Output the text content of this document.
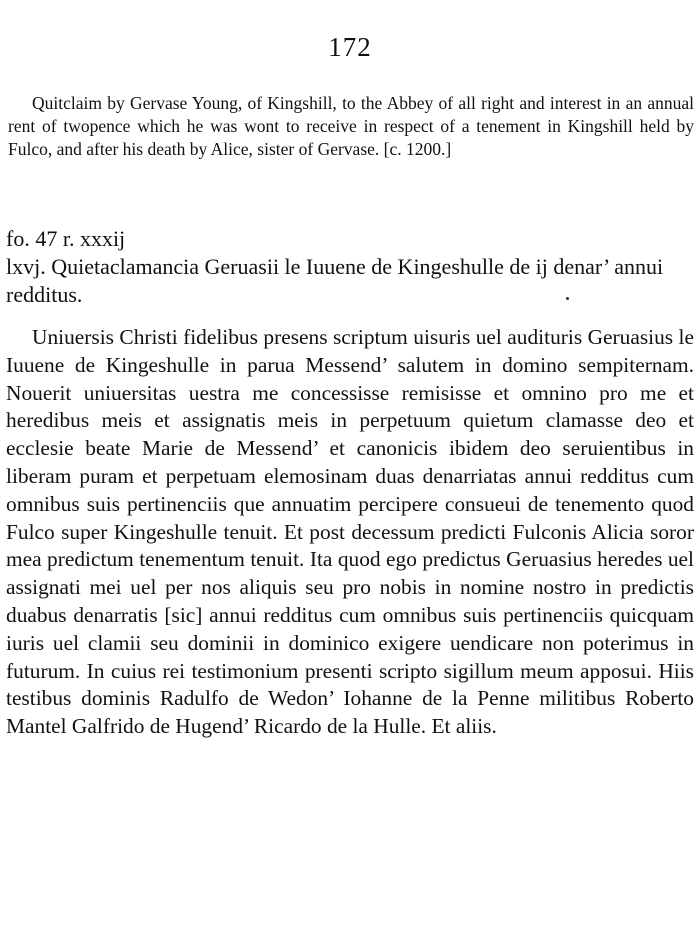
172
Quitclaim by Gervase Young, of Kingshill, to the Abbey of all right and interest in an annual rent of twopence which he was wont to receive in respect of a tenement in Kingshill held by Fulco, and after his death by Alice, sister of Gervase. [c. 1200.]
fo. 47 r. xxxij
lxvj. Quietaclamancia Geruasii le Iuuene de Kingeshulle de ij denar’ annui redditus.

Uniuersis Christi fidelibus presens scriptum uisuris uel audituris Geruasius le Iuuene de Kingeshulle in parua Messend’ salutem in domino sempiternam. Nouerit uniuersitas uestra me concessisse remisisse et omnino pro me et heredibus meis et assignatis meis in perpetuum quietum clamasse deo et ecclesie beate Marie de Messend’ et canonicis ibidem deo seruientibus in liberam puram et perpetuam elemosinam duas denarriatas annui redditus cum omnibus suis pertinenciis que annuatim percipere consueui de tenemento quod Fulco super Kingeshulle tenuit. Et post decessum predicti Fulconis Alicia soror mea predictum tenementum tenuit. Ita quod ego predictus Geruasius heredes uel assignati mei uel per nos aliquis seu pro nobis in nomine nostro in predictis duabus denarratis [sic] annui redditus cum omnibus suis pertinenciis quicquam iuris uel clamii seu dominii in dominico exigere uendicare non poterimus in futurum. In cuius rei testimonium presenti scripto sigillum meum apposui. Hiis testibus dominis Radulfo de Wedon’ Iohanne de la Penne militibus Roberto Mantel Galfrido de Hugend’ Ricardo de la Hulle. Et aliis.
